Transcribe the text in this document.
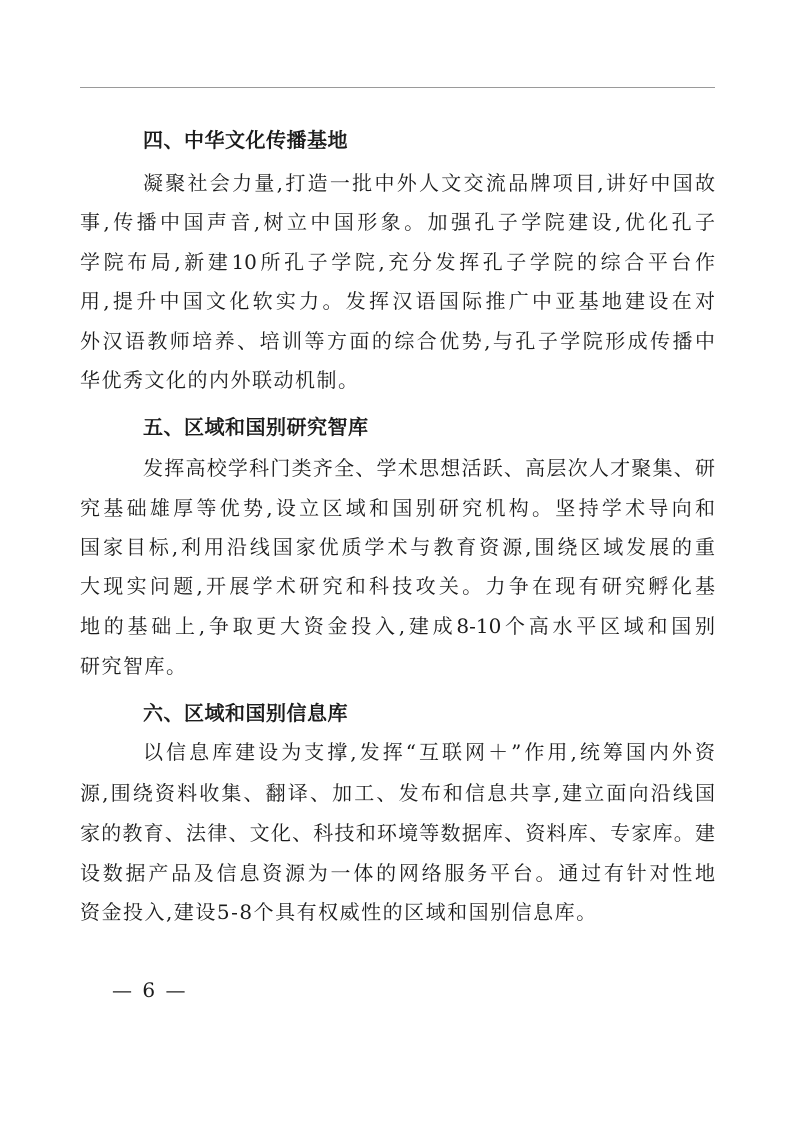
四、中华文化传播基地
凝聚社会力量,打造一批中外人文交流品牌项目,讲好中国故
事,传播中国声音,树立中国形象。加强孔子学院建设,优化孔子
学院布局,新建10所孔子学院,充分发挥孔子学院的综合平台作
用,提升中国文化软实力。发挥汉语国际推广中亚基地建设在对
外汉语教师培养、培训等方面的综合优势,与孔子学院形成传播中
华优秀文化的内外联动机制。
五、区域和国别研究智库
发挥高校学科门类齐全、学术思想活跃、高层次人才聚集、研
究基础雄厚等优势,设立区域和国别研究机构。坚持学术导向和
国家目标,利用沿线国家优质学术与教育资源,围绕区域发展的重
大现实问题,开展学术研究和科技攻关。力争在现有研究孵化基
地的基础上,争取更大资金投入,建成8-10个高水平区域和国别
研究智库。
六、区域和国别信息库
以信息库建设为支撑,发挥“互联网＋”作用,统筹国内外资
源,围绕资料收集、翻译、加工、发布和信息共享,建立面向沿线国
家的教育、法律、文化、科技和环境等数据库、资料库、专家库。建
设数据产品及信息资源为一体的网络服务平台。通过有针对性地
资金投入,建设5-8个具有权威性的区域和国别信息库。
— 6 —
